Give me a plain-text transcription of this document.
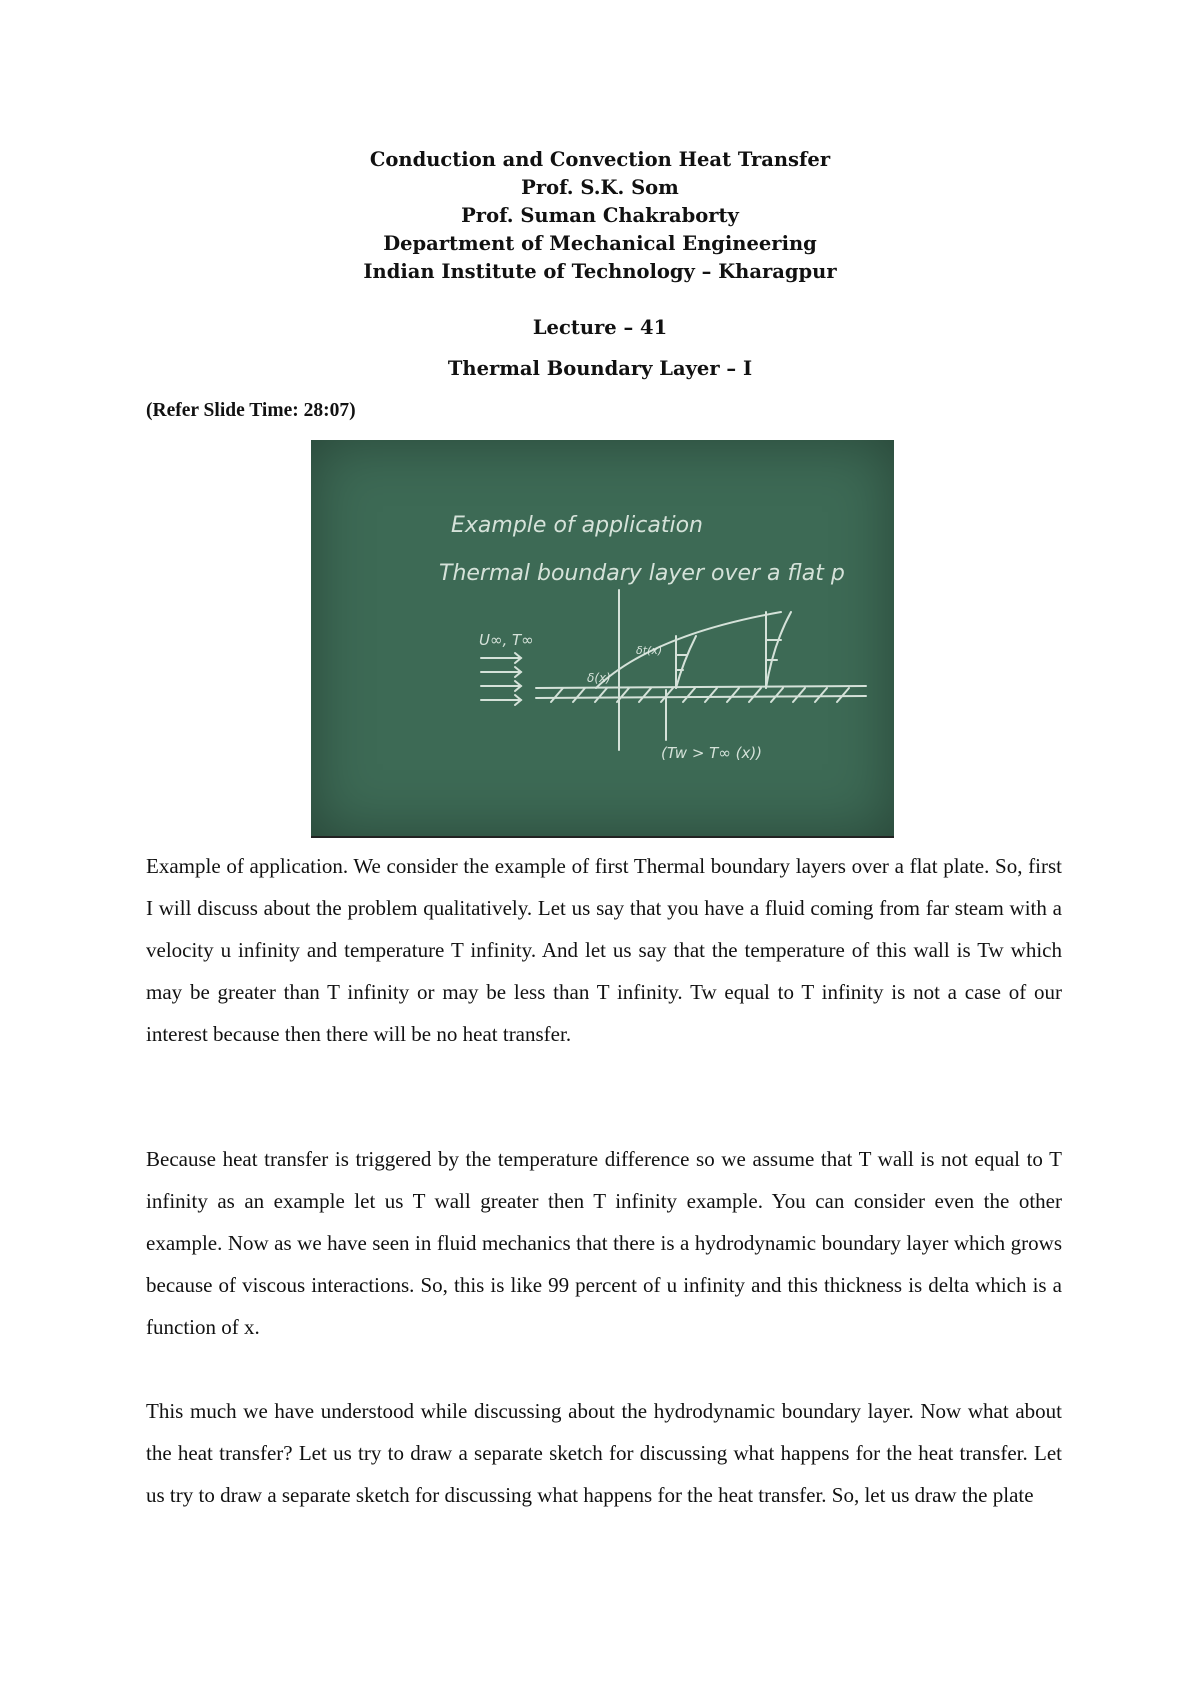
Conduction and Convection Heat Transfer
Prof. S.K. Som
Prof. Suman Chakraborty
Department of Mechanical Engineering
Indian Institute of Technology – Kharagpur
Lecture – 41
Thermal Boundary Layer – I
(Refer Slide Time: 28:07)
Example of application
Thermal boundary layer over a flat p
U∞, T∞
δ(x)
δt(x)
(Tw > T∞ (x))

Example of application. We consider the example of first Thermal boundary layers over a flat plate. So, first I will discuss about the problem qualitatively. Let us say that you have a fluid coming from far steam with a velocity u infinity and temperature T infinity. And let us say that the temperature of this wall is Tw which may be greater than T infinity or may be less than T infinity. Tw equal to T infinity is not a case of our interest because then there will be no heat transfer.

Because heat transfer is triggered by the temperature difference so we assume that T wall is not equal to T infinity as an example let us T wall greater then T infinity example. You can consider even the other example. Now as we have seen in fluid mechanics that there is a hydrodynamic boundary layer which grows because of viscous interactions. So, this is like 99 percent of u infinity and this thickness is delta which is a function of x.

This much we have understood while discussing about the hydrodynamic boundary layer. Now what about the heat transfer? Let us try to draw a separate sketch for discussing what happens for the heat transfer. Let us try to draw a separate sketch for discussing what happens for the heat transfer. So, let us draw the plate
